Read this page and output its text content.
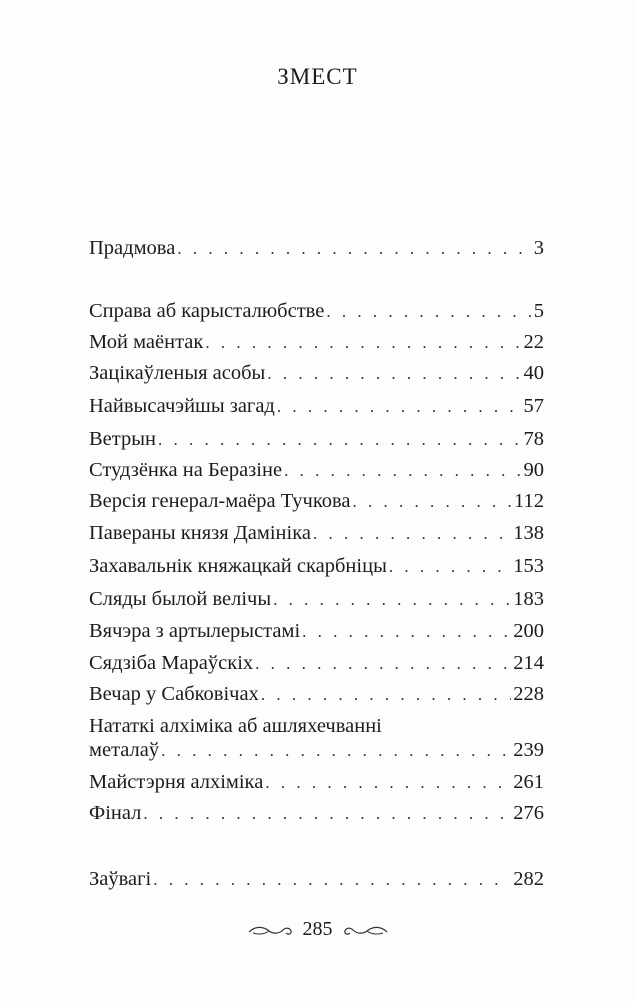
ЗМЕСТ
Прадмова . . .	3
Справа аб карысталюбстве . . .	5
Мой маёнтак . . .	22
Зацікаўленыя асобы . . .	40
Найвысачэйшы загад . . .	57
Ветрын . . .	78
Студзёнка на Беразіне . . .	90
Версія генерал-маёра Тучкова . . .	112
Павераны князя Дамініка . . .	138
Захавальнік княжацкай скарбніцы . . .	153
Сляды былой велічы . . .	183
Вячэра з артылерыстамі . . .	200
Сядзіба Мараўскіх . . .	214
Вечар у Сабковічах . . .	228
Нататкі алхіміка аб ашляхечванні
металаў . . .	239
Майстэрня алхіміка . . .	261
Фінал . . .	276
Заўвагі . . .	282
285
